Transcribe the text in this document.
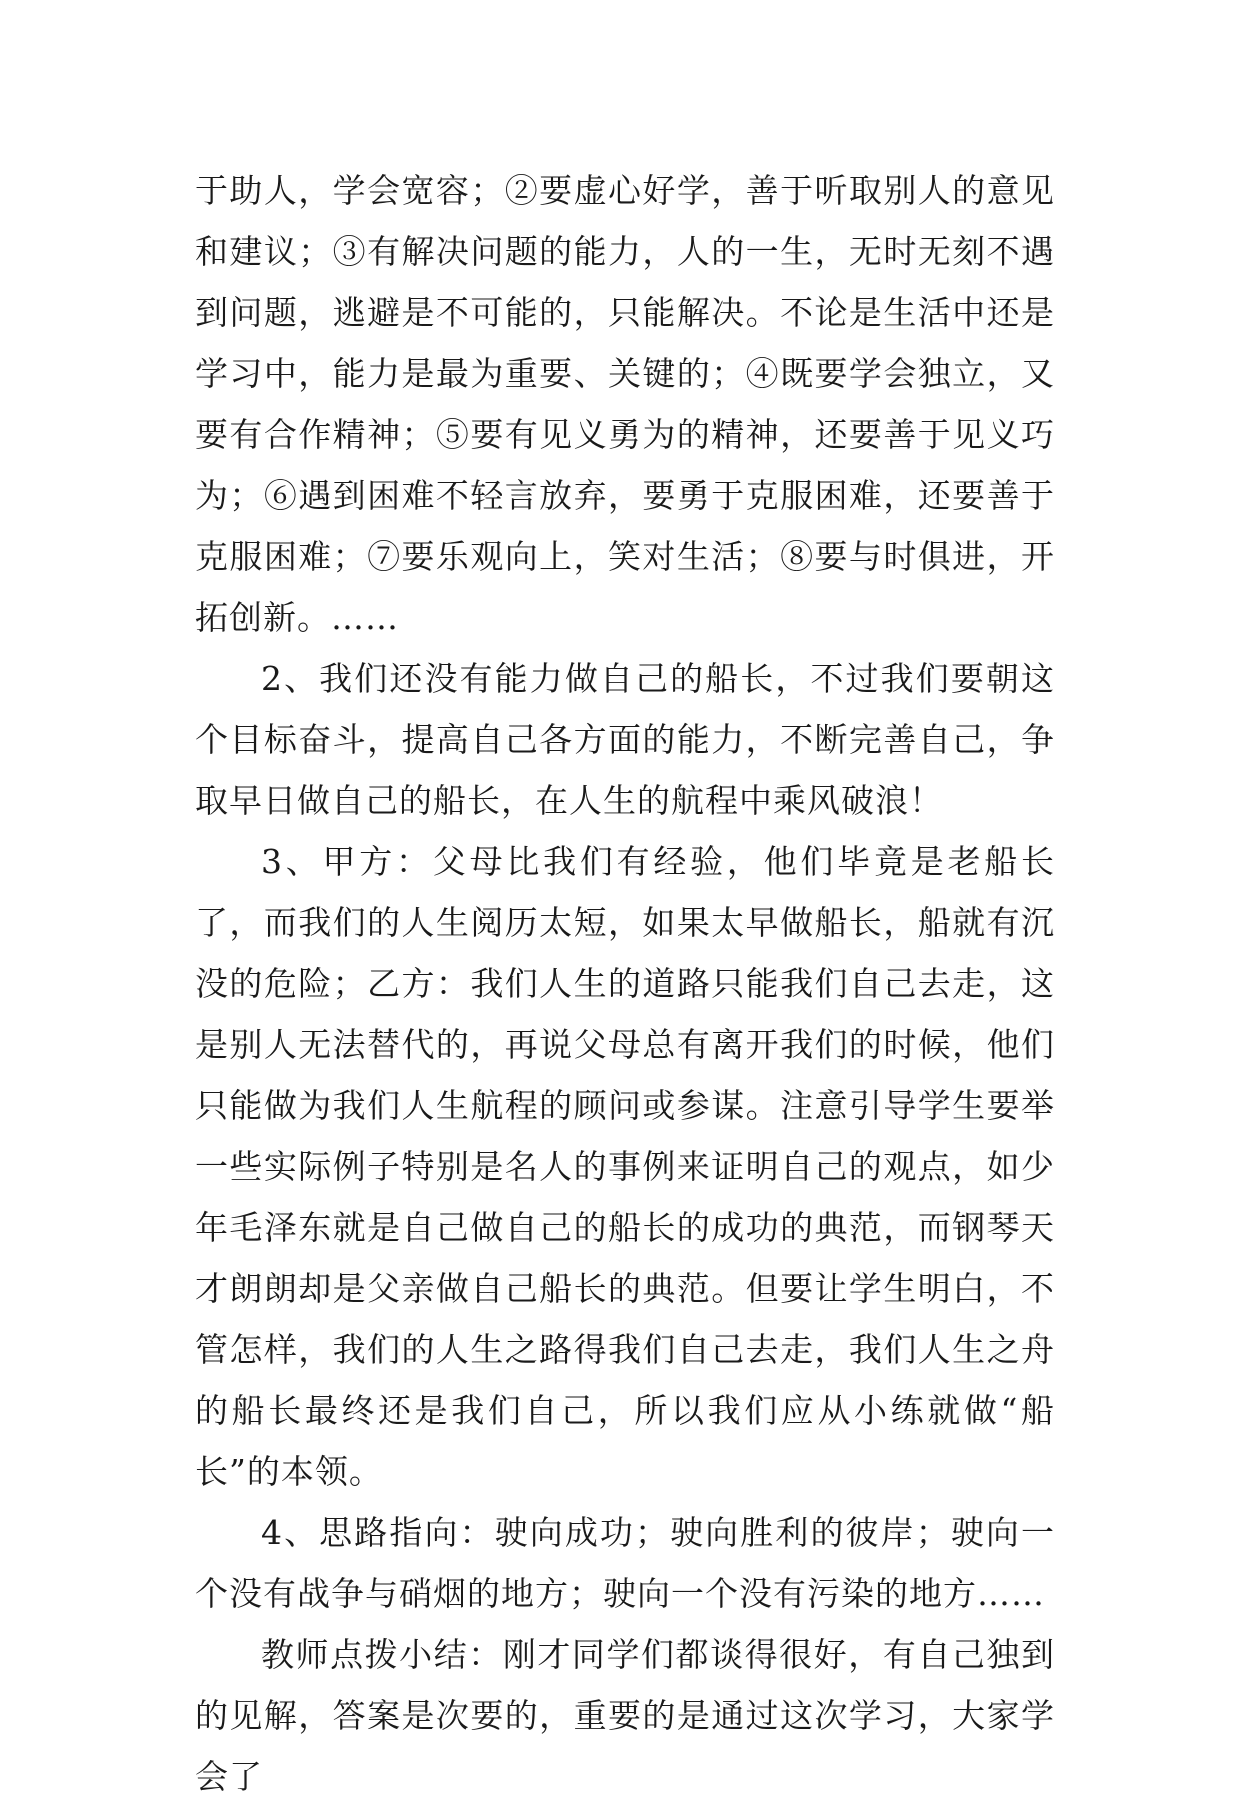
于助人，学会宽容；②要虚心好学，善于听取别人的意见和建议；③有解决问题的能力，人的一生，无时无刻不遇到问题，逃避是不可能的，只能解决。不论是生活中还是学习中，能力是最为重要、关键的；④既要学会独立，又要有合作精神；⑤要有见义勇为的精神，还要善于见义巧为；⑥遇到困难不轻言放弃，要勇于克服困难，还要善于克服困难；⑦要乐观向上，笑对生活；⑧要与时俱进，开拓创新。……

2、我们还没有能力做自己的船长，不过我们要朝这个目标奋斗，提高自己各方面的能力，不断完善自己，争取早日做自己的船长，在人生的航程中乘风破浪！

3、甲方：父母比我们有经验，他们毕竟是老船长了，而我们的人生阅历太短，如果太早做船长，船就有沉没的危险；乙方：我们人生的道路只能我们自己去走，这是别人无法替代的，再说父母总有离开我们的时候，他们只能做为我们人生航程的顾问或参谋。注意引导学生要举一些实际例子特别是名人的事例来证明自己的观点，如少年毛泽东就是自己做自己的船长的成功的典范，而钢琴天才朗朗却是父亲做自己船长的典范。但要让学生明白，不管怎样，我们的人生之路得我们自己去走，我们人生之舟的船长最终还是我们自己，所以我们应从小练就做“船长”的本领。

4、思路指向：驶向成功；驶向胜利的彼岸；驶向一个没有战争与硝烟的地方；驶向一个没有污染的地方……

教师点拨小结：刚才同学们都谈得很好，有自己独到的见解，答案是次要的，重要的是通过这次学习，大家学会了
